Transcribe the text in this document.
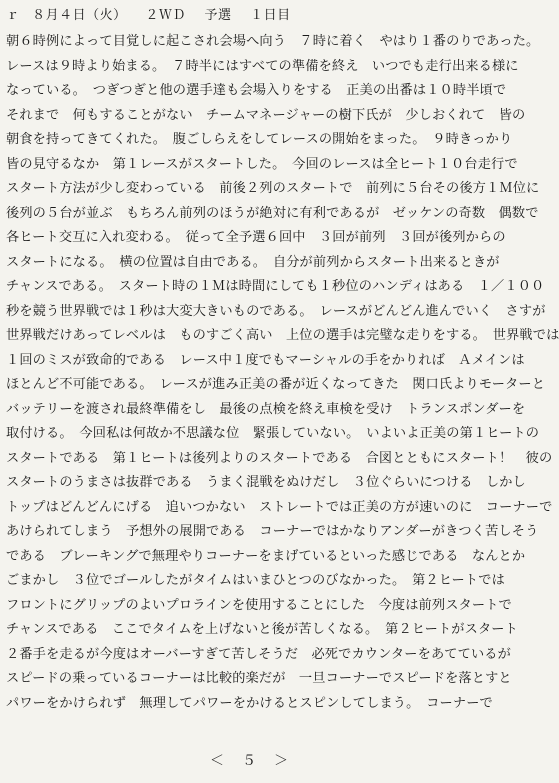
ｒ ８月４日（火） ２ＷＤ 予選 １日目
朝６時例によって目覚しに起こされ会場へ向う　７時に着く　やはり１番のりであった。
レースは９時より始まる。　７時半にはすべての準備を終え　いつでも走行出来る様に
なっている。　つぎつぎと他の選手達も会場入りをする　正美の出番は１０時半頃で
それまで　何もすることがない　チームマネージャーの樹下氏が　少しおくれて　皆の
朝食を持ってきてくれた。　腹ごしらえをしてレースの開始をまった。　９時きっかり
皆の見守るなか　第１レースがスタートした。　今回のレースは全ヒート１０台走行で
スタート方法が少し変わっている　前後２列のスタートで　前列に５台その後方１Ｍ位に
後列の５台が並ぶ　もちろん前列のほうが絶対に有利であるが　ゼッケンの奇数　偶数で
各ヒート交互に入れ変わる。　従って全予選６回中　３回が前列　３回が後列からの
スタートになる。　横の位置は自由である。　自分が前列からスタート出来るときが
チャンスである。　スタート時の１Ｍは時間にしても１秒位のハンディはある　１／１００
秒を競う世界戦では１秒は大変大きいものである。　レースがどんどん進んでいく　さすが
世界戦だけあってレベルは　ものすごく高い　上位の選手は完璧な走りをする。　世界戦では
１回のミスが致命的である　レース中１度でもマーシャルの手をかりれば　Ａメインは
ほとんど不可能である。　レースが進み正美の番が近くなってきた　関口氏よりモーターと
バッテリーを渡され最終準備をし　最後の点検を終え車検を受け　トランスポンダーを
取付ける。　今回私は何故か不思議な位　緊張していない。　いよいよ正美の第１ヒートの
スタートである　第１ヒートは後列よりのスタートである　合図とともにスタート！　彼の
スタートのうまさは抜群である　うまく混戦をぬけだし　３位ぐらいにつける　しかし
トップはどんどんにげる　追いつかない　ストレートでは正美の方が速いのに　コーナーで
あけられてしまう　予想外の展開である　コーナーではかなりアンダーがきつく苦しそう
である　ブレーキングで無理やりコーナーをまげているといった感じである　なんとか
ごまかし　３位でゴールしたがタイムはいまひとつのびなかった。　第２ヒートでは
フロントにグリップのよいプロラインを使用することにした　今度は前列スタートで
チャンスである　ここでタイムを上げないと後が苦しくなる。　第２ヒートがスタート
２番手を走るが今度はオーバーすぎて苦しそうだ　必死でカウンターをあてているが
スピードの乗っているコーナーは比較的楽だが　一旦コーナーでスピードを落とすと
パワーをかけられず　無理してパワーをかけるとスピンしてしまう。　コーナーで
＜　５　＞
